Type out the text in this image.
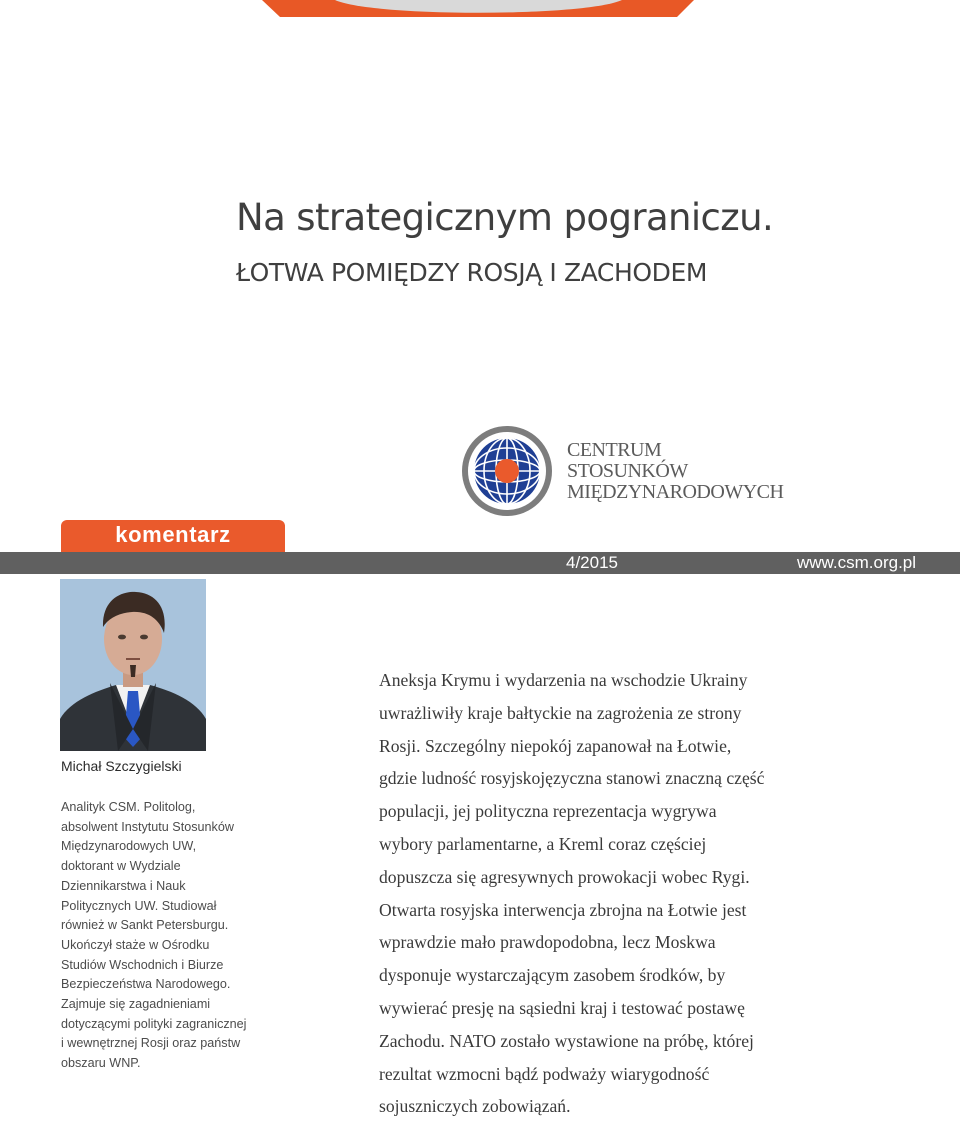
Na strategicznym pograniczu.
ŁOTWA POMIĘDZY ROSJĄ I ZACHODEM
CENTRUM
STOSUNKÓW
MIĘDZYNARODOWYCH
komentarz
4/2015	www.csm.org.pl
Michał Szczygielski
Analityk CSM. Politolog,
absolwent Instytutu Stosunków
Międzynarodowych UW,
doktorant w Wydziale
Dziennikarstwa i Nauk
Politycznych UW. Studiował
również w Sankt Petersburgu.
Ukończył staże w Ośrodku
Studiów Wschodnich i Biurze
Bezpieczeństwa Narodowego.
Zajmuje się zagadnieniami
dotyczącymi polityki zagranicznej
i wewnętrznej Rosji oraz państw
obszaru WNP.
Aneksja Krymu i wydarzenia na wschodzie Ukrainy
uwrażliwiły kraje bałtyckie na zagrożenia ze strony
Rosji. Szczególny niepokój zapanował na Łotwie,
gdzie ludność rosyjskojęzyczna stanowi znaczną część
populacji, jej polityczna reprezentacja wygrywa
wybory parlamentarne, a Kreml coraz częściej
dopuszcza się agresywnych prowokacji wobec Rygi.
Otwarta rosyjska interwencja zbrojna na Łotwie jest
wprawdzie mało prawdopodobna, lecz Moskwa
dysponuje wystarczającym zasobem środków, by
wywierać presję na sąsiedni kraj i testować postawę
Zachodu. NATO zostało wystawione na próbę, której
rezultat wzmocni bądź podważy wiarygodność
sojuszniczych zobowiązań.
